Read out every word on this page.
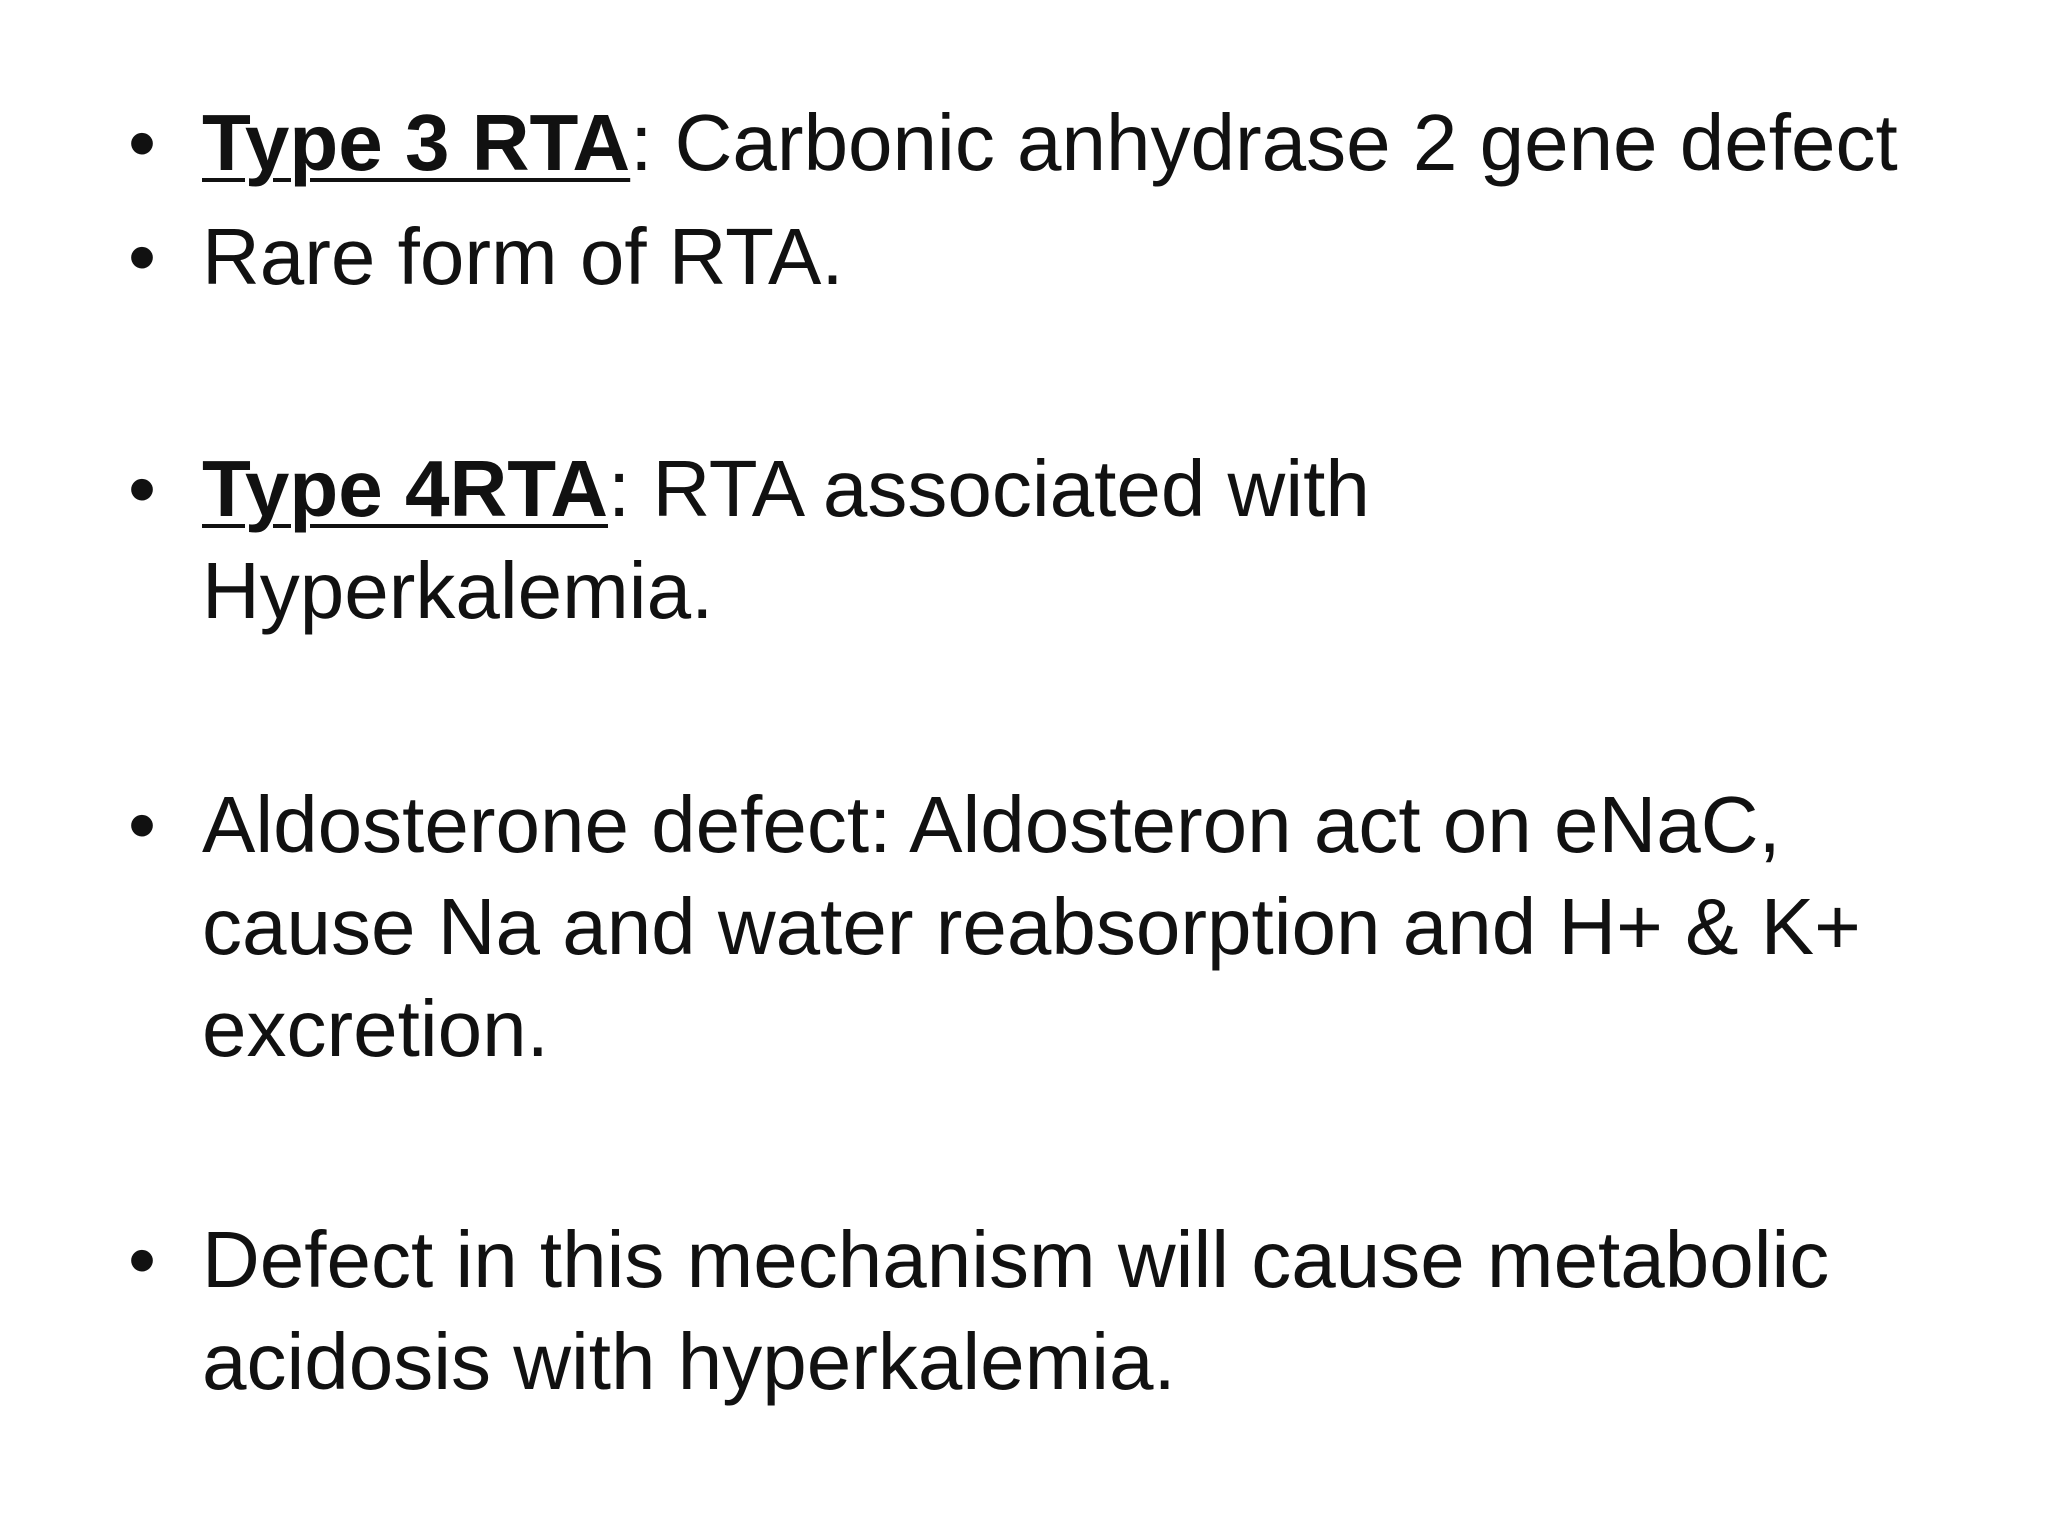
• Type 3 RTA: Carbonic anhydrase 2 gene defect
• Rare form of RTA.
• Type 4RTA: RTA associated with
Hyperkalemia.
• Aldosterone defect: Aldosteron act on eNaC,
cause Na and water reabsorption and H+ & K+
excretion.
• Defect in this mechanism will cause metabolic
acidosis with hyperkalemia.
